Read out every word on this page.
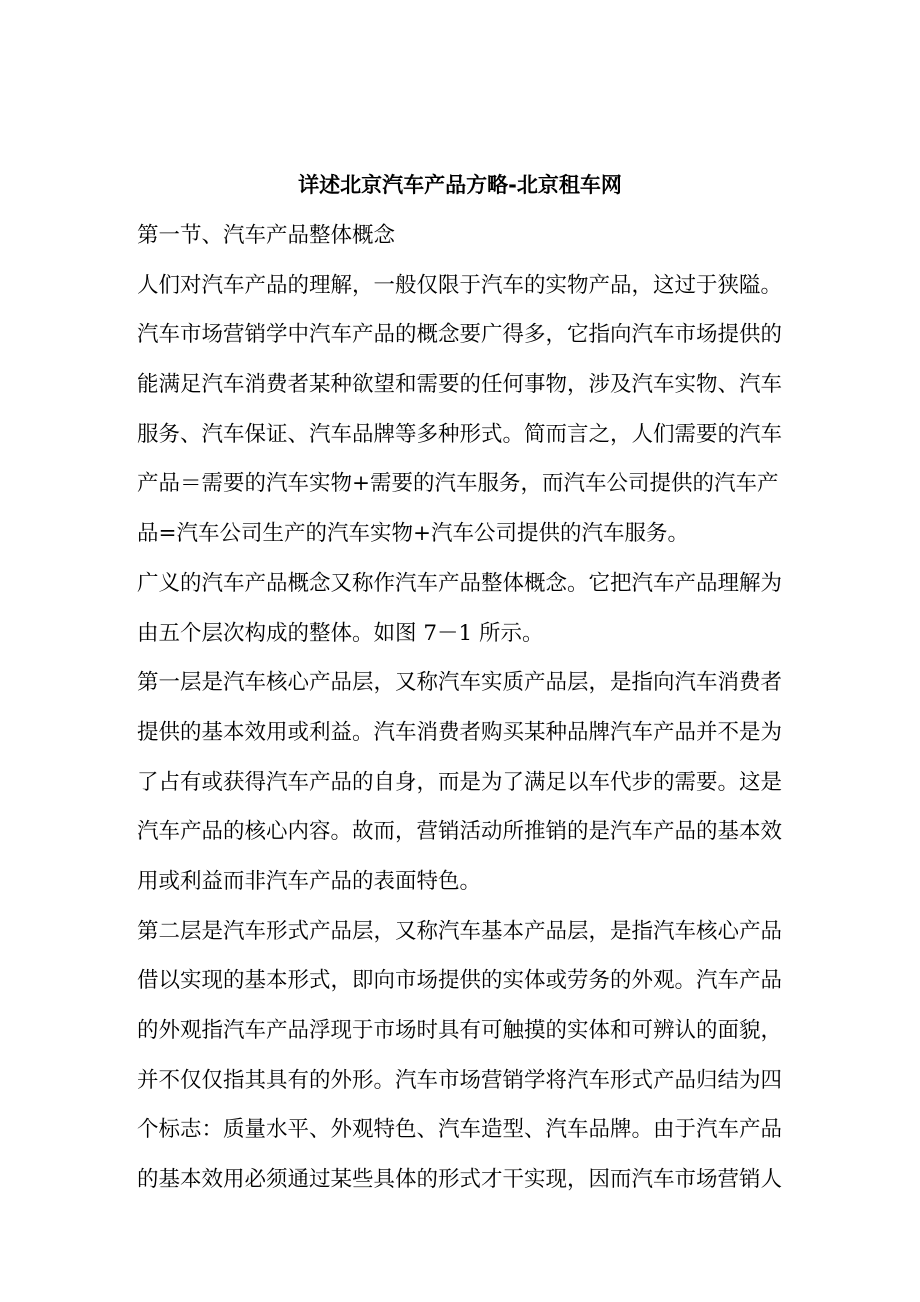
详述北京汽车产品方略-北京租车网
第一节、汽车产品整体概念
人们对汽车产品的理解，一般仅限于汽车的实物产品，这过于狭隘。
汽车市场营销学中汽车产品的概念要广得多，它指向汽车市场提供的
能满足汽车消费者某种欲望和需要的任何事物，涉及汽车实物、汽车
服务、汽车保证、汽车品牌等多种形式。简而言之，人们需要的汽车
产品＝需要的汽车实物+需要的汽车服务，而汽车公司提供的汽车产
品=汽车公司生产的汽车实物+汽车公司提供的汽车服务。
广义的汽车产品概念又称作汽车产品整体概念。它把汽车产品理解为
由五个层次构成的整体。如图 7－1 所示。
第一层是汽车核心产品层，又称汽车实质产品层，是指向汽车消费者
提供的基本效用或利益。汽车消费者购买某种品牌汽车产品并不是为
了占有或获得汽车产品的自身，而是为了满足以车代步的需要。这是
汽车产品的核心内容。故而，营销活动所推销的是汽车产品的基本效
用或利益而非汽车产品的表面特色。
第二层是汽车形式产品层，又称汽车基本产品层，是指汽车核心产品
借以实现的基本形式，即向市场提供的实体或劳务的外观。汽车产品
的外观指汽车产品浮现于市场时具有可触摸的实体和可辨认的面貌，
并不仅仅指其具有的外形。汽车市场营销学将汽车形式产品归结为四
个标志：质量水平、外观特色、汽车造型、汽车品牌。由于汽车产品
的基本效用必须通过某些具体的形式才干实现，因而汽车市场营销人
